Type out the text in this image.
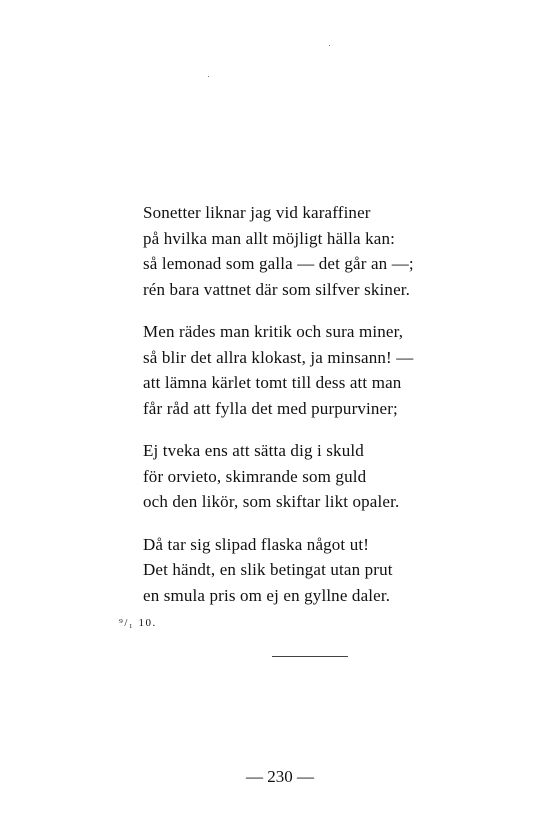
Sonetter liknar jag vid karaffiner
på hvilka man allt möjligt hälla kan:
så lemonad som galla — det går an —;
rén bara vattnet där som silfver skiner.
Men rädes man kritik och sura miner,
så blir det allra klokast, ja minsann! —
att lämna kärlet tomt till dess att man
får råd att fylla det med purpurviner;
Ej tveka ens att sätta dig i skuld
för orvieto, skimrande som guld
och den likör, som skiftar likt opaler.
Då tar sig slipad flaska något ut!
Det händt, en slik betingat utan prut
en smula pris om ej en gyllne daler.
⁹/₁ 10.
— 230 —
